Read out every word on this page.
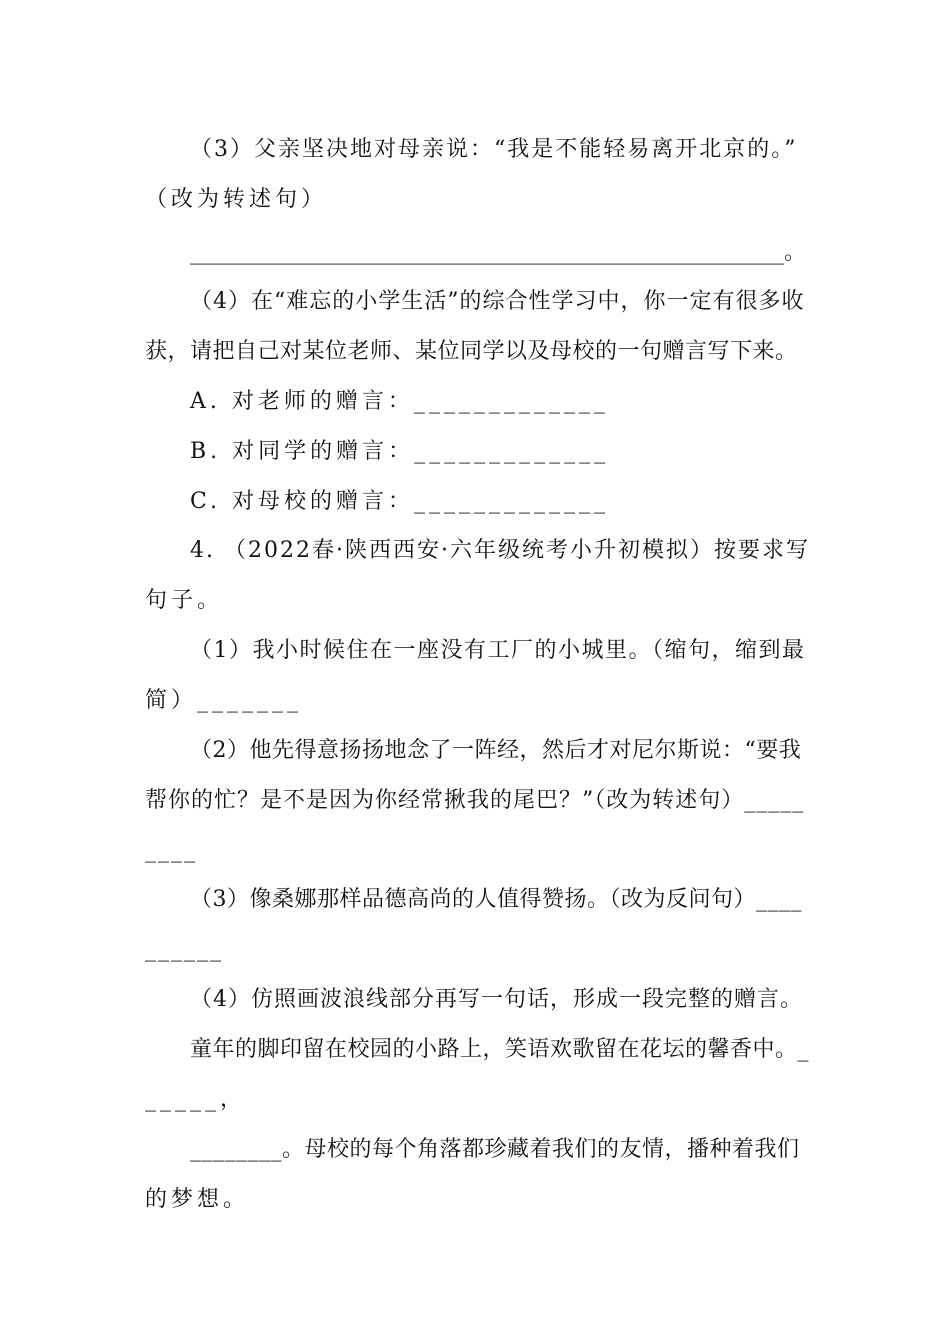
（3）父亲坚决地对母亲说：“我是不能轻易离开北京的。”
（改为转述句）
______________________________________________________。
（4）在“难忘的小学生活”的综合性学习中，你一定有很多收
获，请把自己对某位老师、某位同学以及母校的一句赠言写下来。
A. 对老师的赠言：_____________
B. 对同学的赠言：_____________
C. 对母校的赠言：_____________
4. （2022春·陕西西安·六年级统考小升初模拟）按要求写
句子。
（1）我小时候住在一座没有工厂的小城里。（缩句，缩到最
简）_______
（2）他先得意扬扬地念了一阵经，然后才对尼尔斯说：“要我
帮你的忙？是不是因为你经常揪我的尾巴？”（改为转述句）_____
____
（3）像桑娜那样品德高尚的人值得赞扬。（改为反问句）____
______
（4）仿照画波浪线部分再写一句话，形成一段完整的赠言。
童年的脚印留在校园的小路上，笑语欢歌留在花坛的馨香中。_
_____，
________。母校的每个角落都珍藏着我们的友情，播种着我们
的梦想。
